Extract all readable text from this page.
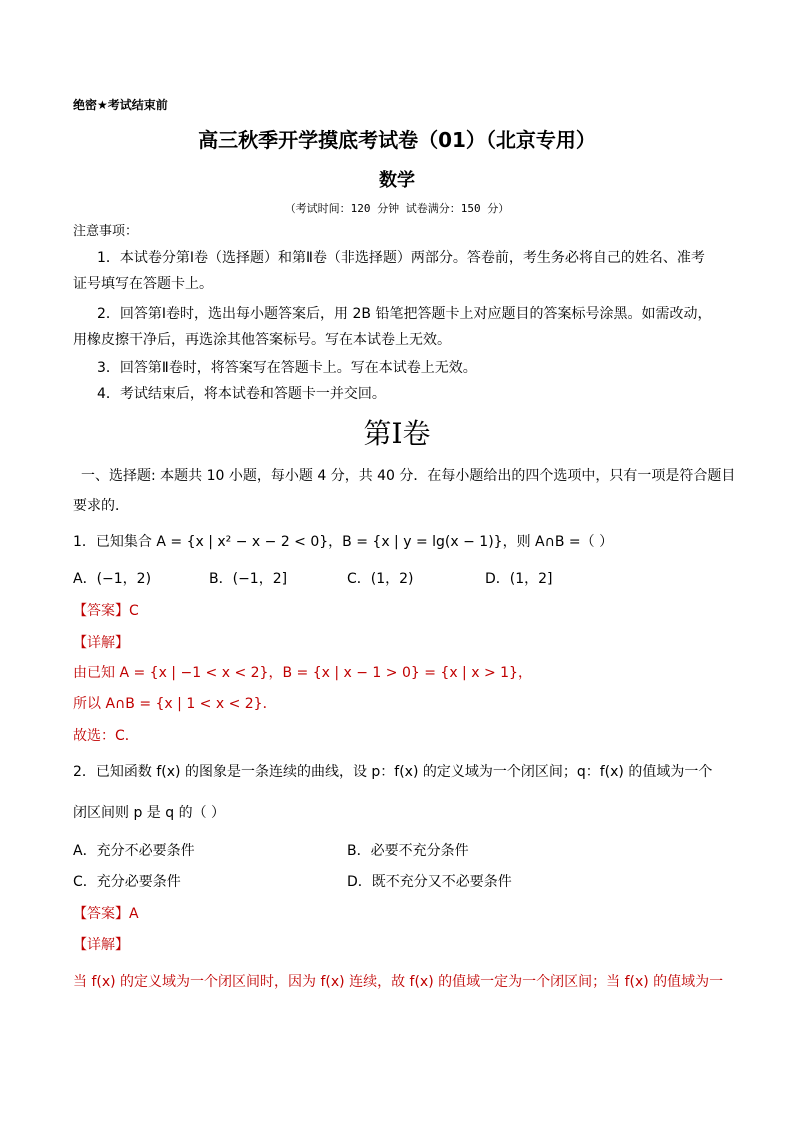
绝密★考试结束前
高三秋季开学摸底考试卷（01）（北京专用）
数学
（考试时间：120 分钟 试卷满分：150 分）
注意事项：
1．本试卷分第Ⅰ卷（选择题）和第Ⅱ卷（非选择题）两部分。答卷前，考生务必将自己的姓名、准考
证号填写在答题卡上。
2．回答第Ⅰ卷时，选出每小题答案后，用 2B 铅笔把答题卡上对应题目的答案标号涂黑。如需改动，
用橡皮擦干净后，再选涂其他答案标号。写在本试卷上无效。
3．回答第Ⅱ卷时，将答案写在答题卡上。写在本试卷上无效。
4．考试结束后，将本试卷和答题卡一并交回。
第Ⅰ卷
一、选择题: 本题共 10 小题，每小题 4 分，共 40 分．在每小题给出的四个选项中，只有一项是符合题目
要求的．
1．已知集合 A = {x | x² − x − 2 < 0}，B = {x | y = lg(x − 1)}，则 A∩B =（ ）
A．(−1，2)	B．(−1，2]	C．(1，2)	D．(1，2]
【答案】C
【详解】
由已知 A = {x | −1 < x < 2}，B = {x | x − 1 > 0} = {x | x > 1}，
所以 A∩B = {x | 1 < x < 2}．
故选：C．
2．已知函数 f(x) 的图象是一条连续的曲线，设 p：f(x) 的定义域为一个闭区间；q：f(x) 的值域为一个
闭区间则 p 是 q 的（ ）
A．充分不必要条件	B．必要不充分条件
C．充分必要条件	D．既不充分又不必要条件
【答案】A
【详解】
当 f(x) 的定义域为一个闭区间时，因为 f(x) 连续，故 f(x) 的值域一定为一个闭区间；当 f(x) 的值域为一
